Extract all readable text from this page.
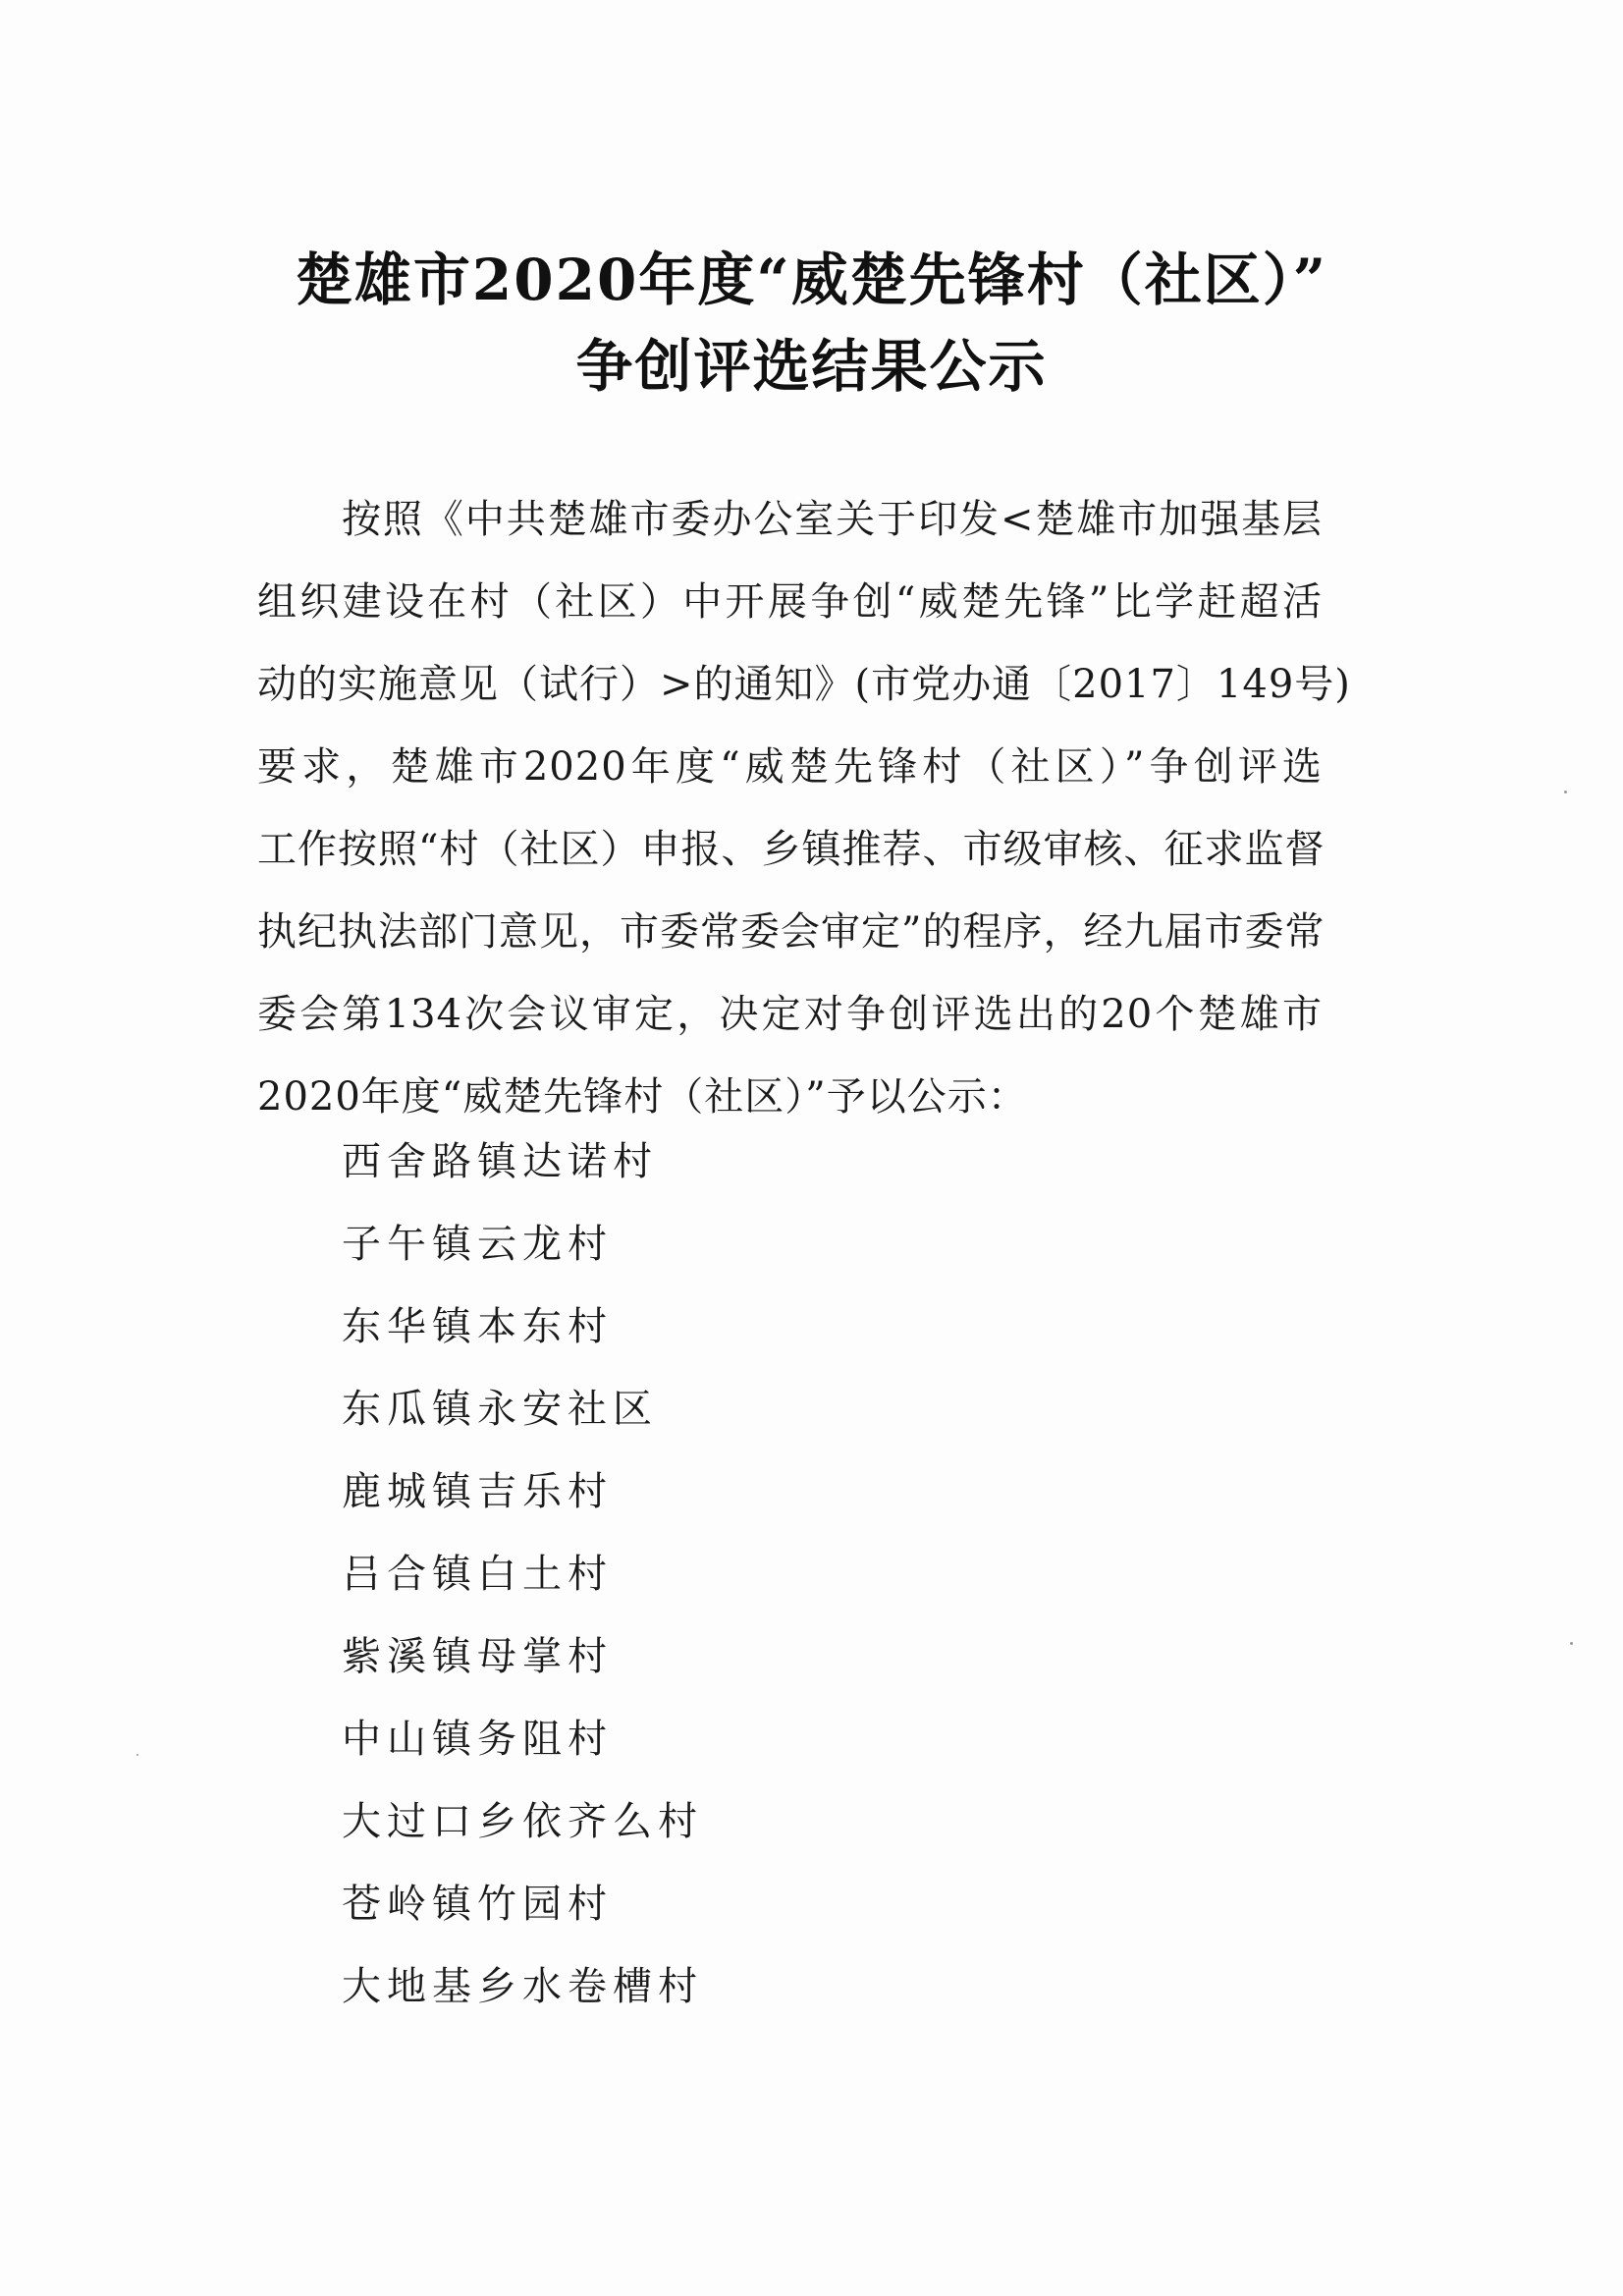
楚雄市2020年度“威楚先锋村（社区）”
争创评选结果公示
按照《中共楚雄市委办公室关于印发<楚雄市加强基层
组织建设在村（社区）中开展争创“威楚先锋”比学赶超活
动的实施意见（试行）>的通知》(市党办通〔2017〕149号)
要求，楚雄市2020年度“威楚先锋村（社区）”争创评选
工作按照“村（社区）申报、乡镇推荐、市级审核、征求监督
执纪执法部门意见，市委常委会审定”的程序，经九届市委常
委会第134次会议审定，决定对争创评选出的20个楚雄市
2020年度“威楚先锋村（社区）”予以公示：
西舍路镇达诺村
子午镇云龙村
东华镇本东村
东瓜镇永安社区
鹿城镇吉乐村
吕合镇白土村
紫溪镇母掌村
中山镇务阻村
大过口乡依齐么村
苍岭镇竹园村
大地基乡水卷槽村
